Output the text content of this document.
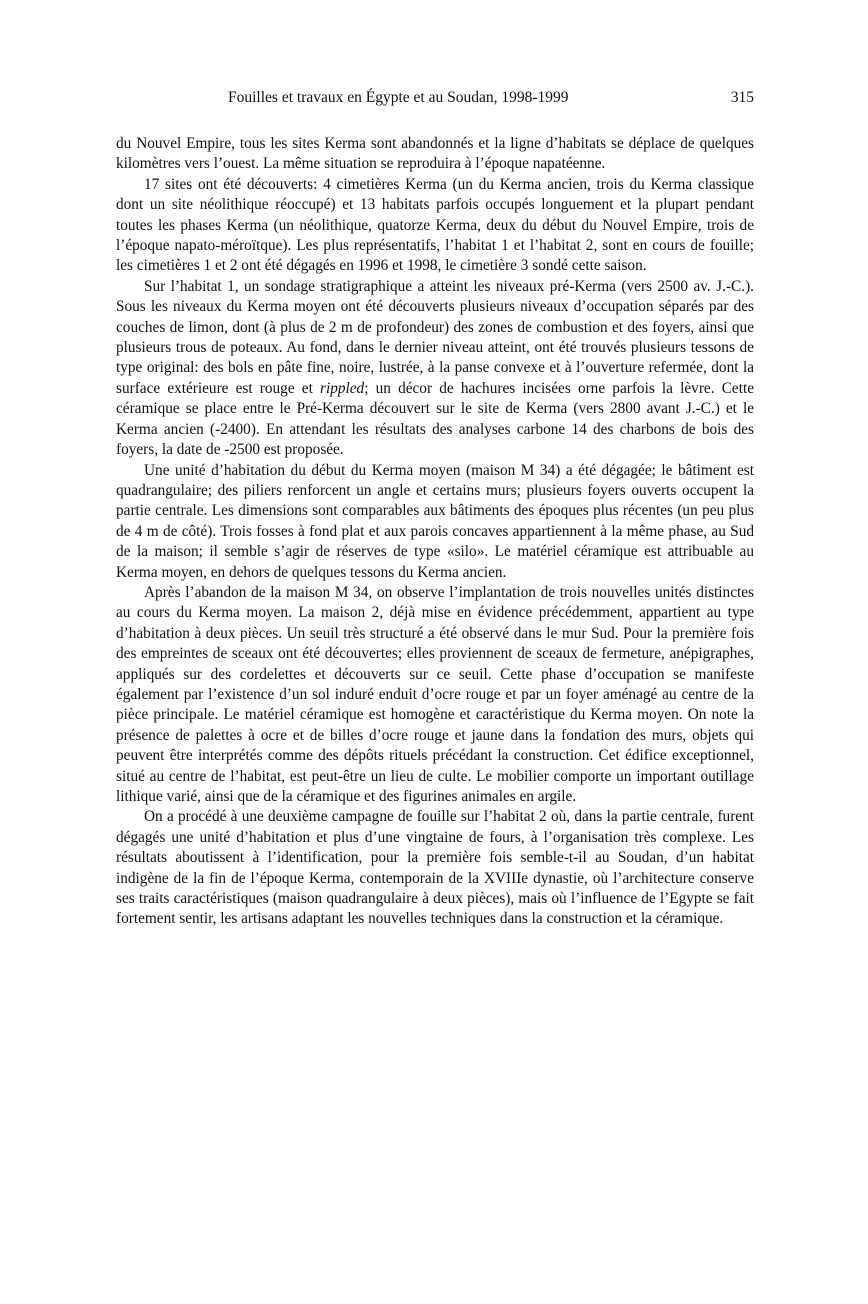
Fouilles et travaux en Égypte et au Soudan, 1998-1999	315

du Nouvel Empire, tous les sites Kerma sont abandonnés et la ligne d’habitats se déplace de quelques kilomètres vers l’ouest. La même situation se reproduira à l’époque napatéenne.

17 sites ont été découverts: 4 cimetières Kerma (un du Kerma ancien, trois du Kerma classique dont un site néolithique réoccupé) et 13 habitats parfois occupés longuement et la plupart pendant toutes les phases Kerma (un néolithique, quatorze Kerma, deux du début du Nouvel Empire, trois de l’époque napato-méroïtque). Les plus représentatifs, l’habitat 1 et l’habitat 2, sont en cours de fouille; les cimetières 1 et 2 ont été dégagés en 1996 et 1998, le cimetière 3 sondé cette saison.

Sur l’habitat 1, un sondage stratigraphique a atteint les niveaux pré-Kerma (vers 2500 av. J.-C.). Sous les niveaux du Kerma moyen ont été découverts plusieurs niveaux d’occupation séparés par des couches de limon, dont (à plus de 2 m de profondeur) des zones de combustion et des foyers, ainsi que plusieurs trous de poteaux. Au fond, dans le dernier niveau atteint, ont été trouvés plusieurs tessons de type original: des bols en pâte fine, noire, lustrée, à la panse convexe et à l’ouverture refermée, dont la surface extérieure est rouge et rippled; un décor de hachures incisées orne parfois la lèvre. Cette céramique se place entre le Pré-Kerma découvert sur le site de Kerma (vers 2800 avant J.-C.) et le Kerma ancien (-2400). En attendant les résultats des analyses carbone 14 des charbons de bois des foyers, la date de -2500 est proposée.

Une unité d’habitation du début du Kerma moyen (maison M 34) a été dégagée; le bâtiment est quadrangulaire; des piliers renforcent un angle et certains murs; plusieurs foyers ouverts occupent la partie centrale. Les dimensions sont comparables aux bâtiments des époques plus récentes (un peu plus de 4 m de côté). Trois fosses à fond plat et aux parois concaves appartiennent à la même phase, au Sud de la maison; il semble s’agir de réserves de type «silo». Le matériel céramique est attribuable au Kerma moyen, en dehors de quelques tessons du Kerma ancien.

Après l’abandon de la maison M 34, on observe l’implantation de trois nouvelles unités distinctes au cours du Kerma moyen. La maison 2, déjà mise en évidence précédemment, appartient au type d’habitation à deux pièces. Un seuil très structuré a été observé dans le mur Sud. Pour la première fois des empreintes de sceaux ont été découvertes; elles proviennent de sceaux de fermeture, anépigraphes, appliqués sur des cordelettes et découverts sur ce seuil. Cette phase d’occupation se manifeste également par l’existence d’un sol induré enduit d’ocre rouge et par un foyer aménagé au centre de la pièce principale. Le matériel céramique est homogène et caractéristique du Kerma moyen. On note la présence de palettes à ocre et de billes d’ocre rouge et jaune dans la fondation des murs, objets qui peuvent être interprétés comme des dépôts rituels précédant la construction. Cet édifice exceptionnel, situé au centre de l’habitat, est peut-être un lieu de culte. Le mobilier comporte un important outillage lithique varié, ainsi que de la céramique et des figurines animales en argile.

On a procédé à une deuxième campagne de fouille sur l’habitat 2 où, dans la partie centrale, furent dégagés une unité d’habitation et plus d’une vingtaine de fours, à l’organisation très complexe. Les résultats aboutissent à l’identification, pour la première fois semble-t-il au Soudan, d’un habitat indigène de la fin de l’époque Kerma, contemporain de la XVIIIe dynastie, où l’architecture conserve ses traits caractéristiques (maison quadrangulaire à deux pièces), mais où l’influence de l’Egypte se fait fortement sentir, les artisans adaptant les nouvelles techniques dans la construction et la céramique.
